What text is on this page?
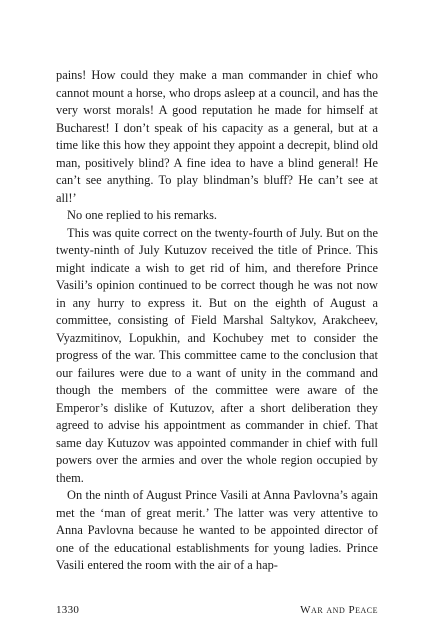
pains! How could they make a man commander in chief who cannot mount a horse, who drops asleep at a council, and has the very worst morals! A good reputation he made for himself at Bucharest! I don’t speak of his capacity as a general, but at a time like this how they appoint they appoint a decrepit, blind old man, positively blind? A fine idea to have a blind general! He can’t see anything. To play blindman’s bluff? He can’t see at all!’

No one replied to his remarks.

This was quite correct on the twenty-fourth of July. But on the twenty-ninth of July Kutuzov received the title of Prince. This might indicate a wish to get rid of him, and therefore Prince Vasili’s opinion continued to be correct though he was not now in any hurry to express it. But on the eighth of August a committee, consisting of Field Marshal Saltykov, Arakcheev, Vyazmitinov, Lopukhin, and Kochubey met to consider the progress of the war. This committee came to the conclusion that our failures were due to a want of unity in the command and though the members of the committee were aware of the Emperor’s dislike of Kutuzov, after a short deliberation they agreed to advise his appointment as commander in chief. That same day Kutuzov was appointed commander in chief with full powers over the armies and over the whole region occupied by them.

On the ninth of August Prince Vasili at Anna Pavlovna’s again met the ‘man of great merit.’ The latter was very attentive to Anna Pavlovna because he wanted to be appointed director of one of the educational establishments for young ladies. Prince Vasili entered the room with the air of a hap-

1330	War and Peace
